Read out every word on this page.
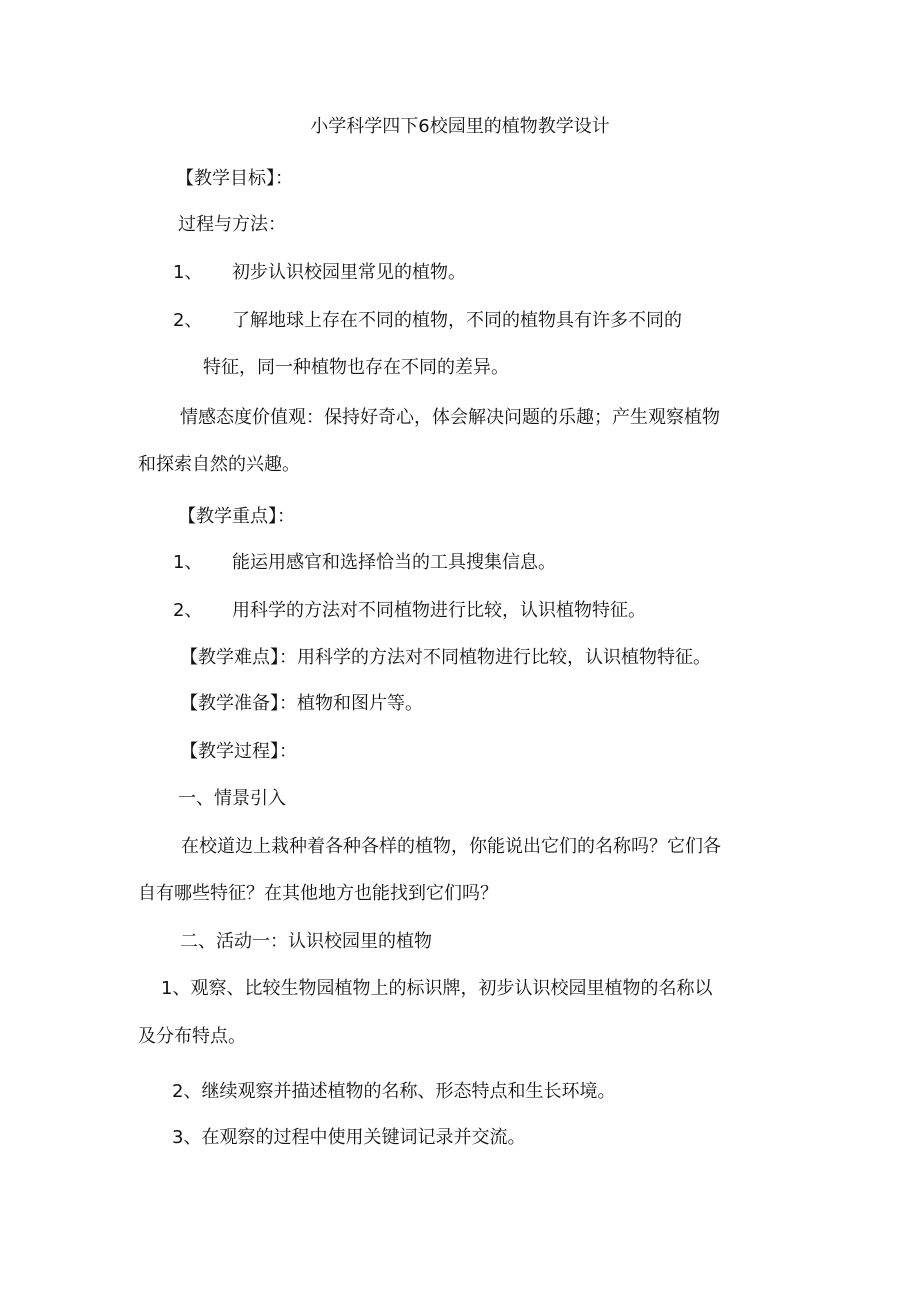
小学科学四下6校园里的植物教学设计
【教学目标】：
过程与方法：
1、 初步认识校园里常见的植物。
2、 了解地球上存在不同的植物，不同的植物具有许多不同的
特征，同一种植物也存在不同的差异。
情感态度价值观：保持好奇心，体会解决问题的乐趣；产生观察植物
和探索自然的兴趣。
【教学重点】：
1、 能运用感官和选择恰当的工具搜集信息。
2、 用科学的方法对不同植物进行比较，认识植物特征。
【教学难点】：用科学的方法对不同植物进行比较，认识植物特征。
【教学准备】：植物和图片等。
【教学过程】：
一、情景引入
在校道边上栽种着各种各样的植物，你能说出它们的名称吗？它们各
自有哪些特征？在其他地方也能找到它们吗？
二、活动一：认识校园里的植物
1、观察、比较生物园植物上的标识牌，初步认识校园里植物的名称以
及分布特点。
2、继续观察并描述植物的名称、形态特点和生长环境。
3、在观察的过程中使用关键词记录并交流。
